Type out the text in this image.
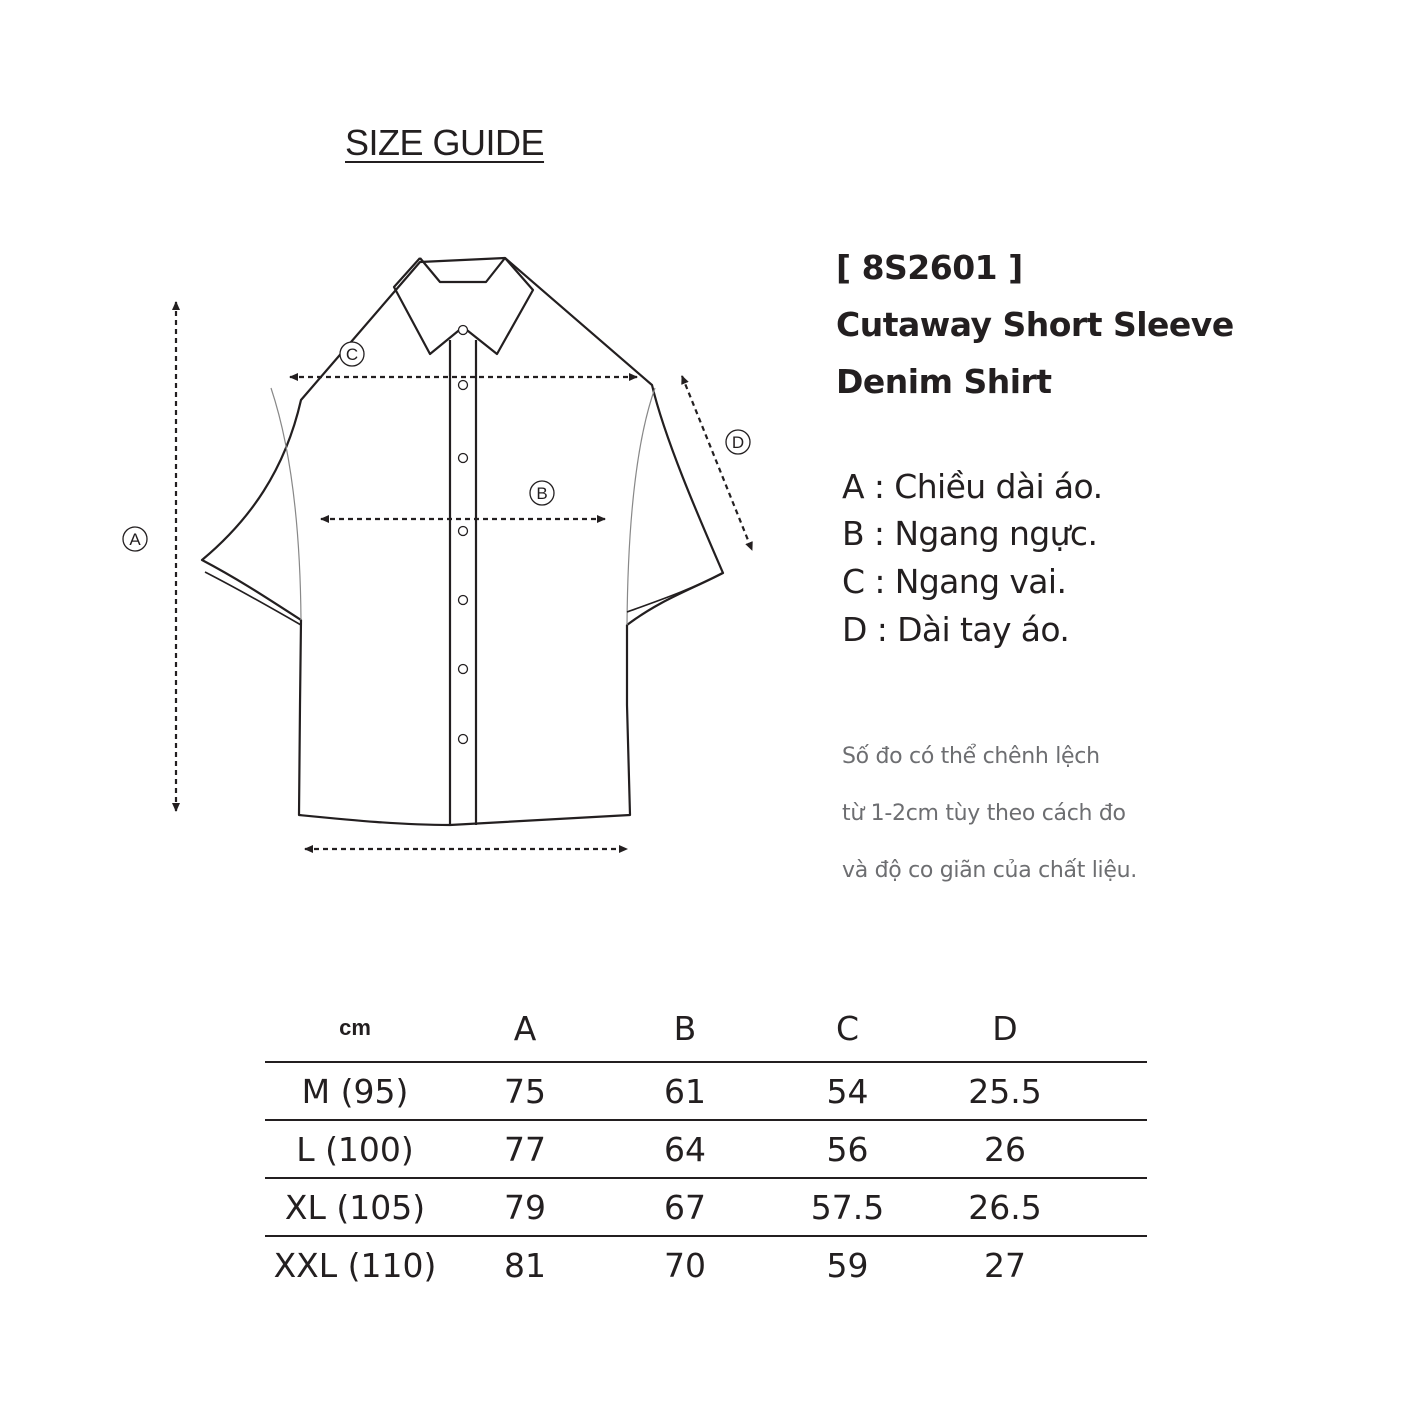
SIZE GUIDE
A
B
C
D
[ 8S2601 ]
Cutaway Short Sleeve
Denim Shirt
A : Chiều dài áo.
B : Ngang ngực.
C : Ngang vai.
D : Dài tay áo.
Số đo có thể chênh lệch
từ 1-2cm tùy theo cách đo
và độ co giãn của chất liệu.
cm	A	B	C	D	
M (95)	75	61	54	25.5	
L (100)	77	64	56	26	
XL (105)	79	67	57.5	26.5	
XXL (110)	81	70	59	27	
